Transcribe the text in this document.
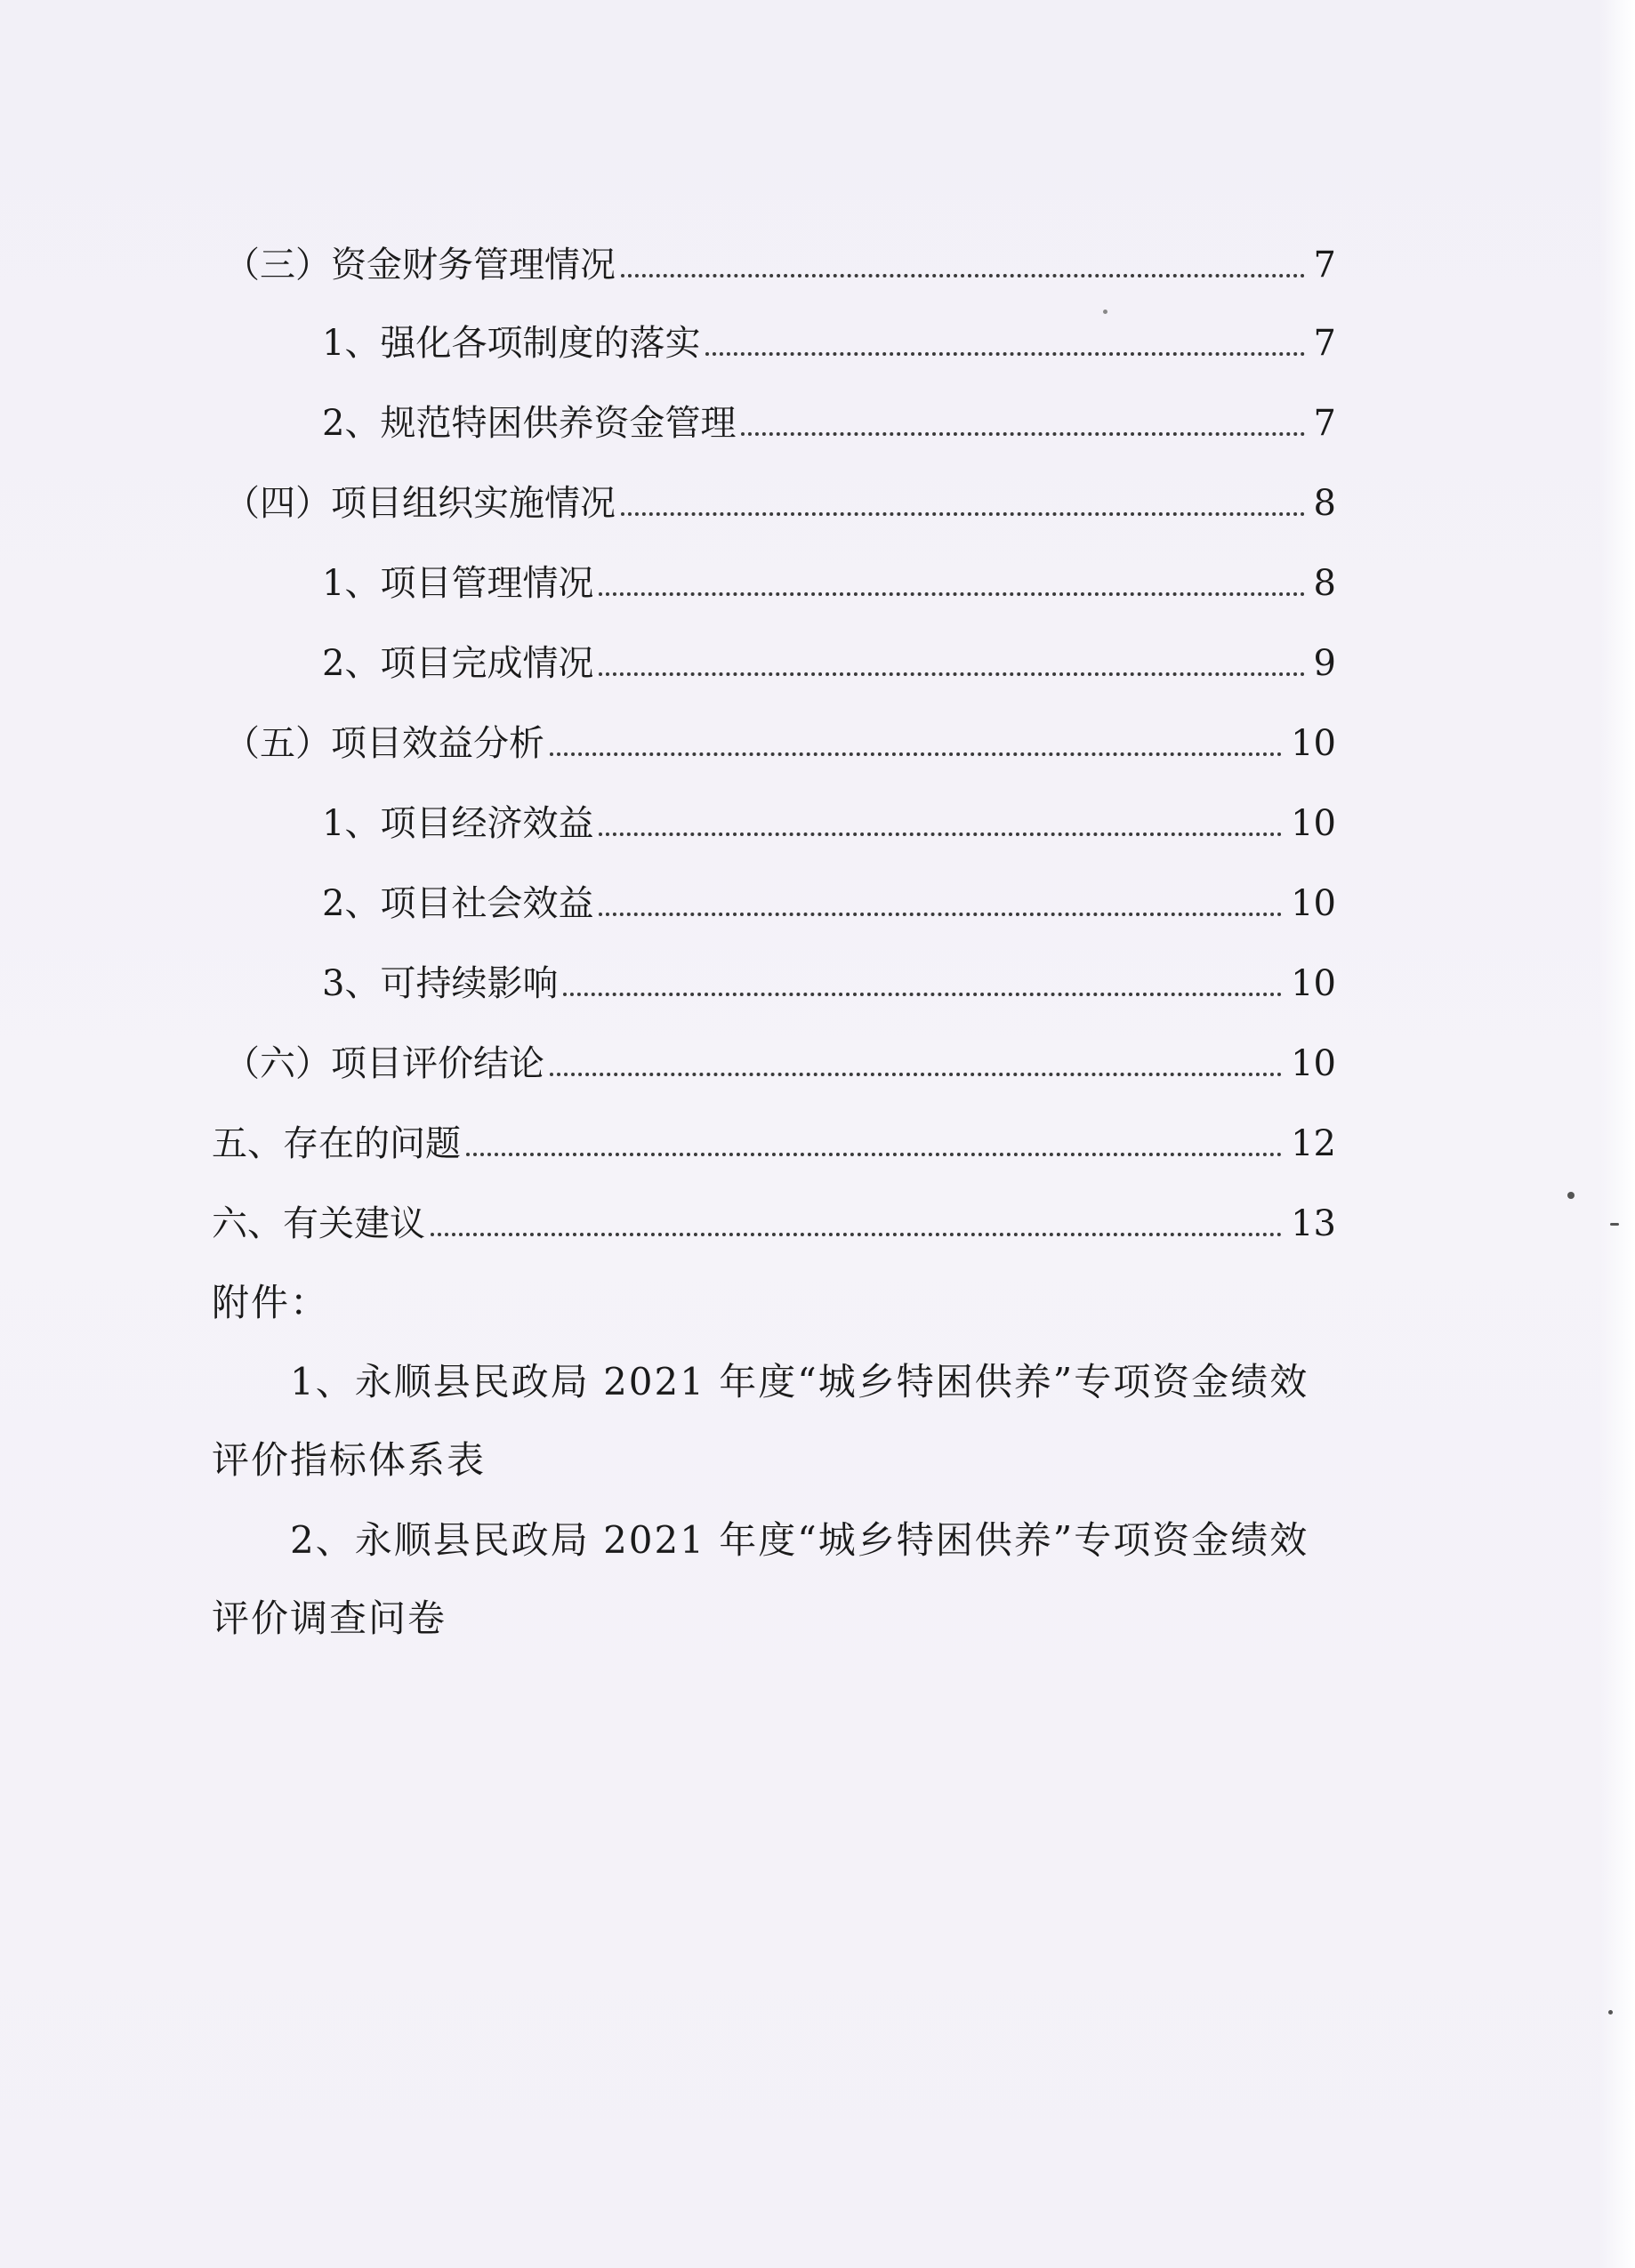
（三）资金财务管理情况	7
1、强化各项制度的落实	7
2、规范特困供养资金管理	7
（四）项目组织实施情况	8
1、项目管理情况	8
2、项目完成情况	9
（五）项目效益分析	10
1、项目经济效益	10
2、项目社会效益	10
3、可持续影响	10
（六）项目评价结论	10
五、存在的问题	12
六、有关建议	13
附件：
1、永顺县民政局 2021 年度“城乡特困供养”专项资金绩效
评价指标体系表
2、永顺县民政局 2021 年度“城乡特困供养”专项资金绩效
评价调查问卷
